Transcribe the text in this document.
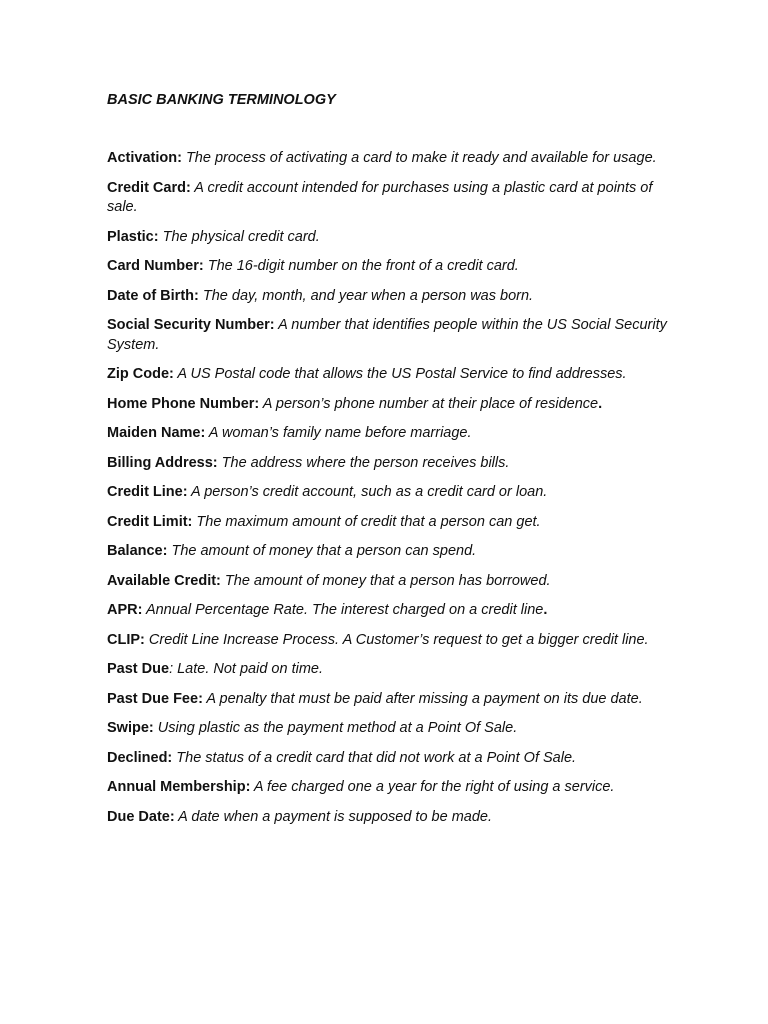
BASIC BANKING TERMINOLOGY
Activation: The process of activating a card to make it ready and available for usage.
Credit Card: A credit account intended for purchases using a plastic card at points of sale.
Plastic: The physical credit card.
Card Number: The 16-digit number on the front of a credit card.
Date of Birth: The day, month, and year when a person was born.
Social Security Number: A number that identifies people within the US Social Security System.
Zip Code: A US Postal code that allows the US Postal Service to find addresses.
Home Phone Number: A person’s phone number at their place of residence.
Maiden Name: A woman’s family name before marriage.
Billing Address: The address where the person receives bills.
Credit Line: A person’s credit account, such as a credit card or loan.
Credit Limit: The maximum amount of credit that a person can get.
Balance: The amount of money that a person can spend.
Available Credit: The amount of money that a person has borrowed.
APR: Annual Percentage Rate. The interest charged on a credit line.
CLIP: Credit Line Increase Process. A Customer’s request to get a bigger credit line.
Past Due: Late. Not paid on time.
Past Due Fee: A penalty that must be paid after missing a payment on its due date.
Swipe: Using plastic as the payment method at a Point Of Sale.
Declined: The status of a credit card that did not work at a Point Of Sale.
Annual Membership: A fee charged one a year for the right of using a service.
Due Date: A date when a payment is supposed to be made.
